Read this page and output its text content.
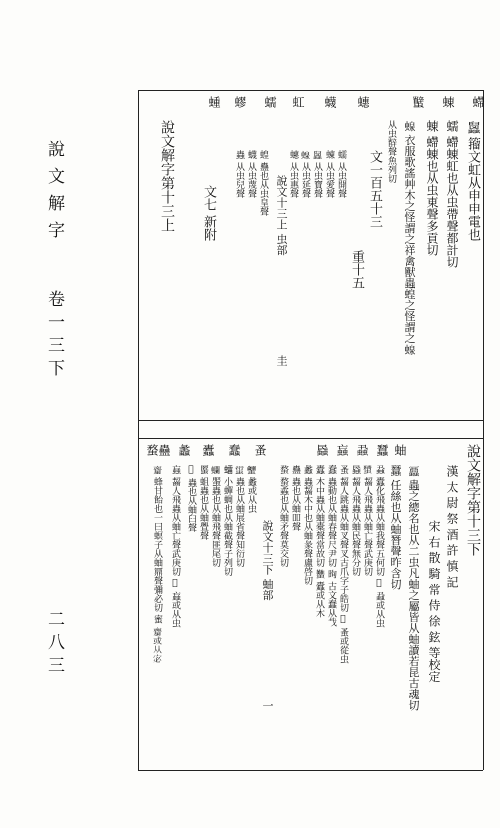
說文解字
卷一三下
二八三
螮
蝀
蠥
蟪
蠛
虹
蠕
蟉
蝩
𧕧 籀文虹从申申電也
蠕 螮蝀虹也从虫帶聲都計切
蝀 螮蝀也从虫東聲多貢切
𧍭 衣服歌謠艸木之怪謂之祥禽獸蟲蝗之怪謂之𧍭
从虫辥聲魚列切
文一百五十三
重十五
蠕 从虫開聲
蝀 从虫愛聲
𧕧 从虫寶聲
𧍭 从虫延聲
蟪 从虫惠聲
說文十三上 虫部
圭
蝗 蠱也从虫皇聲
蠛 从虫蔑聲
蟲 从虫兒聲
文七 新附
說文解字第十三上
蚰
蠶
蝨
蝱
蟁
蚤
蠢
蠹
蠡
蠱
蝥	說文解字第十三下
漢 太 尉 祭 酒 許 慎 記
宋 右 散 騎 常 侍 徐 鉉 等校定
𧖅 蟲之總名也从二虫凡蚰之屬皆从蚰讀若昆古魂切
蠶 任絲也从蚰朁聲昨含切
蝨 蠹化飛蟲从蚰我聲五何切 𧖟 蝨或从虫
𧓔 齧人飛蟲从蚰亡聲武庚切
蟁 齧人飛蟲从蚰民聲無分切
蚤 齧人跳蟲从蚰叉聲叉古爪字子皓切 𧓍 蚤或從虫
蠢 蟲動也从蚰春聲尺尹切 㫬 古文蠢从𢦏
蠹 木中蟲从蚰橐聲當故切 𧕴 蠹或从木
蠡 蟲齧木中也从蚰彖聲盧啓切
蠱 蟲也从蚰吅聲
蝥 蝥蟊也从蚰矛聲莫交切
說文十三下 蚰部
一
𧕼 蠡或从虫
𧍢 蟲也从蚰展省聲知衍切
𧒽 小蟬蜩也从蚰截聲子列切
𧕗 蜰蟲也从蚰飛聲匪尾切
𧏾 蛆蟲也从蚰舋聲
𧕪 蟲也从蚰臼聲
蝱 齧人飛蟲从蚰亡聲武庚切 𧔒 蝱或从虫
𧓉 蜂甘飴也一曰螟子从蚰鼏聲彌必切 蜜 𧓉或从宓
